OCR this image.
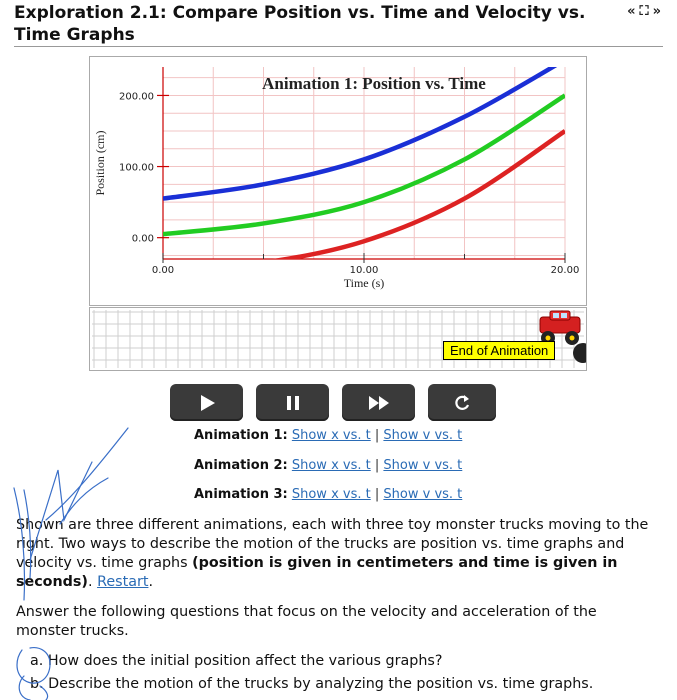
Exploration 2.1: Compare Position vs. Time and Velocity vs. Time Graphs
« ⛶ »
0.00
100.00
200.00
0.00	10.00	20.00
Animation 1: Position vs. Time
Time (s)
Position (cm)
End of Animation
Animation 1: Show x vs. t | Show v vs. t
Animation 2: Show x vs. t | Show v vs. t
Animation 3: Show x vs. t | Show v vs. t
Shown are three different animations, each with three toy monster trucks moving to the right. Two ways to describe the motion of the trucks are position vs. time graphs and velocity vs. time graphs (position is given in centimeters and time is given in seconds). Restart.
Answer the following questions that focus on the velocity and acceleration of the monster trucks.
a. How does the initial position affect the various graphs?
b. Describe the motion of the trucks by analyzing the position vs. time graphs.
